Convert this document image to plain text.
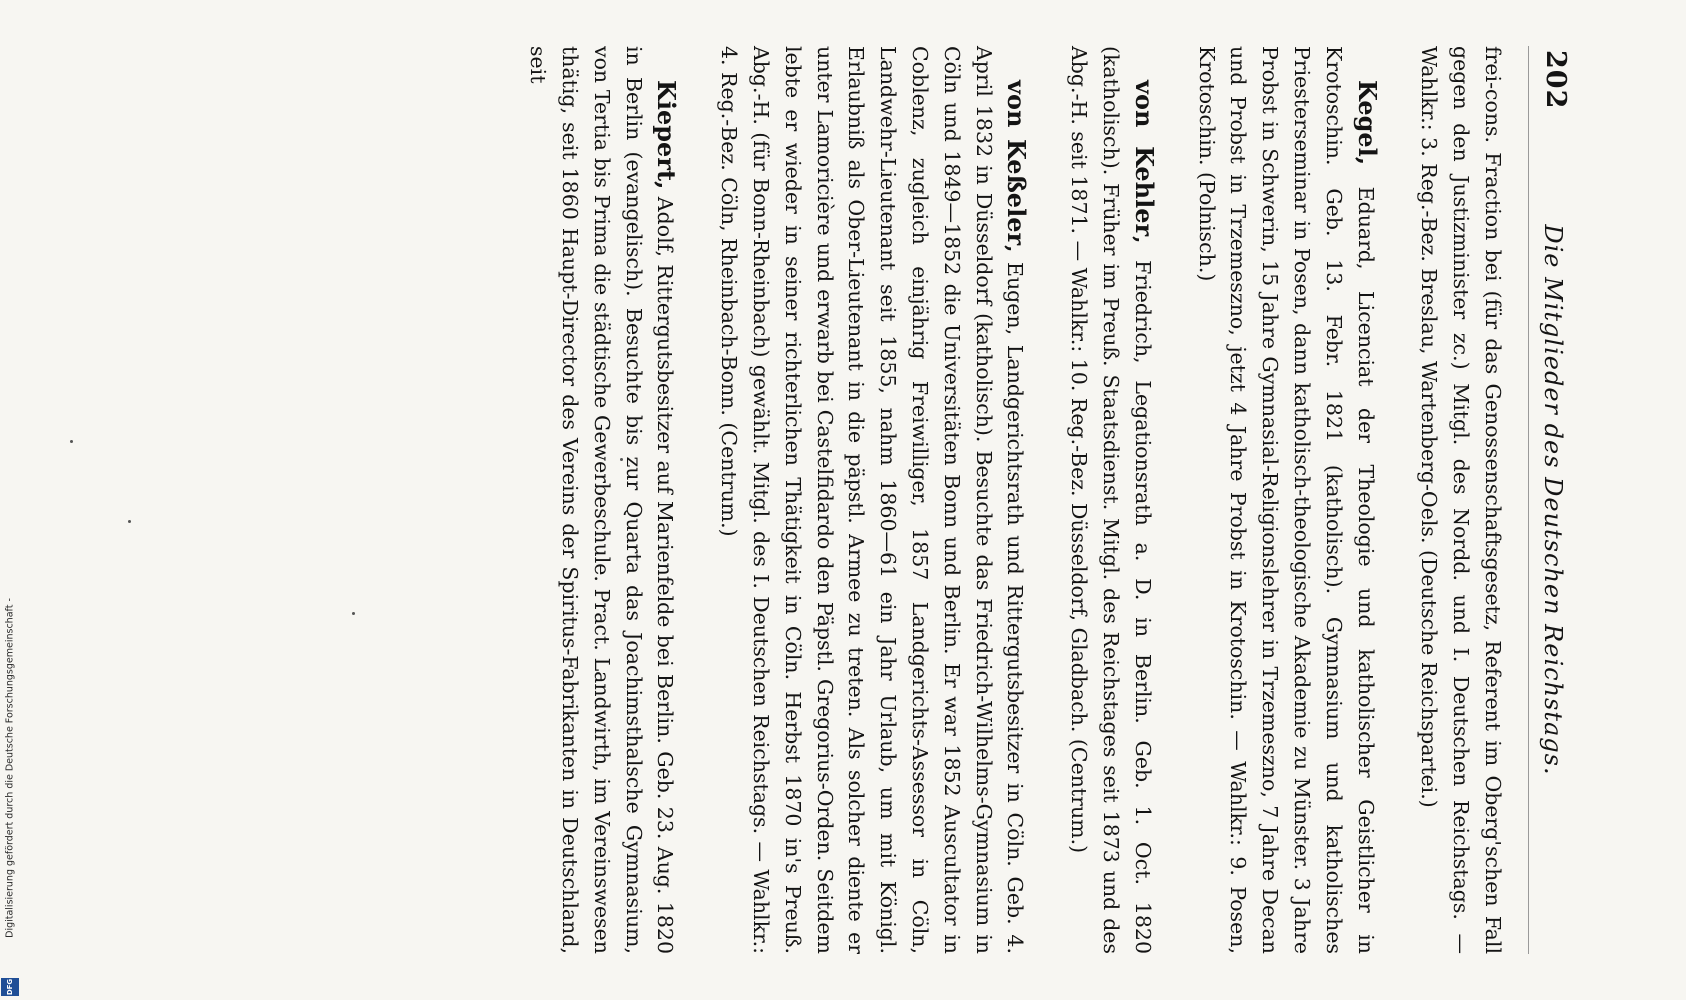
Digitalisierung gefördert durch die Deutsche Forschungsgemeinschaft -
DFG
202
Die Mitglieder des Deutschen Reichstags.

frei-cons. Fraction bei (für das Genossenschaftsgesetz, Referent im Oberg'schen Fall gegen den Justizminister zc.) Mitgl. des Nordd. und I. Deutschen Reichstags. — Wahlkr.: 3. Reg.-Bez. Breslau, Wartenberg-Oels. (Deutsche Reichspartei.)

Kegel, Eduard, Licenciat der Theologie und katholischer Geistlicher in Krotoschin. Geb. 13. Febr. 1821 (katholisch). Gymnasium und katholisches Priesterseminar in Posen, dann katholisch-theologische Akademie zu Münster. 3 Jahre Probst in Schwerin, 15 Jahre Gymnasial-Religionslehrer in Trzemeszno, 7 Jahre Decan und Probst in Trzemeszno, jetzt 4 Jahre Probst in Krotoschin. — Wahlkr.: 9. Posen, Krotoschin. (Polnisch.)

von Kehler, Friedrich, Legationsrath a. D. in Berlin. Geb. 1. Oct. 1820 (katholisch). Früher im Preuß. Staatsdienst. Mitgl. des Reichstages seit 1873 und des Abg.-H. seit 1871. — Wahlkr.: 10. Reg.-Bez. Düsseldorf, Gladbach. (Centrum.)

von Keßeler, Eugen, Landgerichtsrath und Rittergutsbesitzer in Cöln. Geb. 4. April 1832 in Düsseldorf (katholisch). Besuchte das Friedrich-Wilhelms-Gymnasium in Cöln und 1849—1852 die Universitäten Bonn und Berlin. Er war 1852 Auscultator in Coblenz, zugleich einjährig Freiwilliger, 1857 Landgerichts-Assessor in Cöln, Landwehr-Lieutenant seit 1855, nahm 1860—61 ein Jahr Urlaub, um mit Königl. Erlaubniß als Ober-Lieutenant in die päpstl. Armee zu treten. Als solcher diente er unter Lamoricière und erwarb bei Castelfidardo den Päpstl. Gregorius-Orden. Seitdem lebte er wieder in seiner richterlichen Thätigkeit in Cöln. Herbst 1870 in's Preuß. Abg.-H. (für Bonn-Rheinbach) gewählt. Mitgl. des I. Deutschen Reichstags. — Wahlkr.: 4. Reg.-Bez. Cöln, Rheinbach-Bonn. (Centrum.)

Kiepert, Adolf, Rittergutsbesitzer auf Marienfelde bei Berlin. Geb. 23. Aug. 1820 in Berlin (evangelisch). Besuchte bis zur Quarta das Joachimsthalsche Gymnasium, von Tertia bis Prima die städtische Gewerbeschule. Pract. Landwirth, im Vereinswesen thätig, seit 1860 Haupt-Director des Vereins der Spiritus-Fabrikanten in Deutschland, seit
